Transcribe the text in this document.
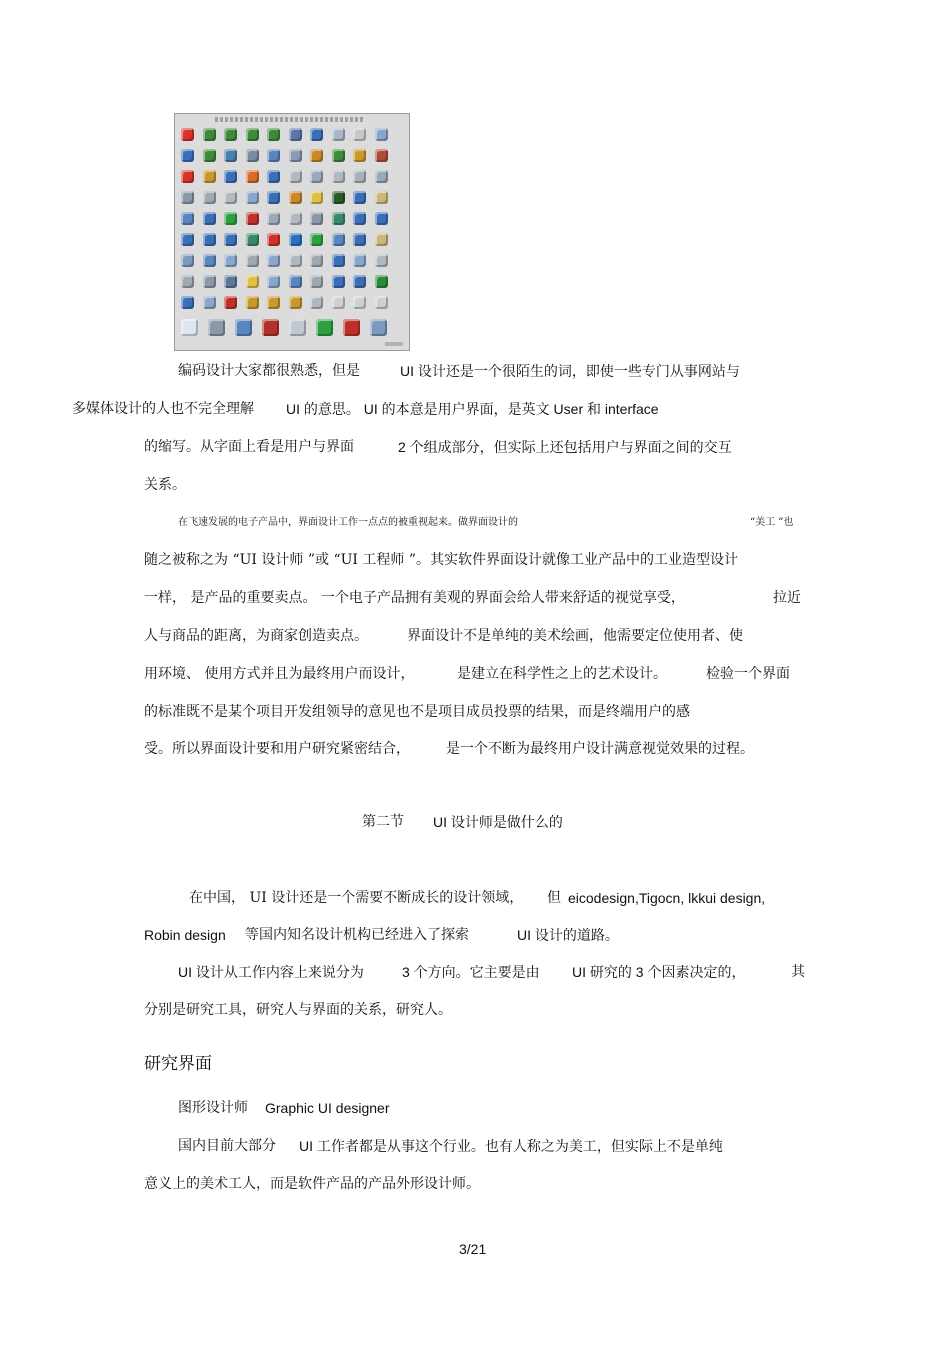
编码设计大家都很熟悉，但是	UI 设计还是一个很陌生的词，即使一些专门从事网站与
多媒体设计的人也不完全理解 UI 的意思。 UI 的本意是用户界面，是英文 User 和 interface
的缩写。从字面上看是用户与界面	2 个组成部分，但实际上还包括用户与界面之间的交互
关系。
在飞速发展的电子产品中，界面设计工作一点点的被重视起来。做界面设计的	“美工 ”也
随之被称之为 “UI 设计师 ”或 “UI 工程师 ”。其实软件界面设计就像工业产品中的工业造型设计
一样， 是产品的重要卖点。 一个电子产品拥有美观的界面会给人带来舒适的视觉享受，	拉近
人与商品的距离，为商家创造卖点。	界面设计不是单纯的美术绘画，他需要定位使用者、使
用环境、 使用方式并且为最终用户而设计，	是建立在科学性之上的艺术设计。	检验一个界面
的标准既不是某个项目开发组领导的意见也不是项目成员投票的结果，而是终端用户的感
受。所以界面设计要和用户研究紧密结合，	是一个不断为最终用户设计满意视觉效果的过程。
第二节 UI 设计师是做什么的
在中国， UI 设计还是一个需要不断成长的设计领域， 但 eicodesign,Tigocn, lkkui design,
Robin design 等国内知名设计机构已经进入了探索	UI 设计的道路。
UI 设计从工作内容上来说分为	3 个方向。它主要是由 UI 研究的 3 个因素决定的，	其
分别是研究工具，研究人与界面的关系，研究人。
研究界面
图形设计师 Graphic UI designer
国内目前大部分 UI 工作者都是从事这个行业。也有人称之为美工，但实际上不是单纯
意义上的美术工人，而是软件产品的产品外形设计师。
3/21
